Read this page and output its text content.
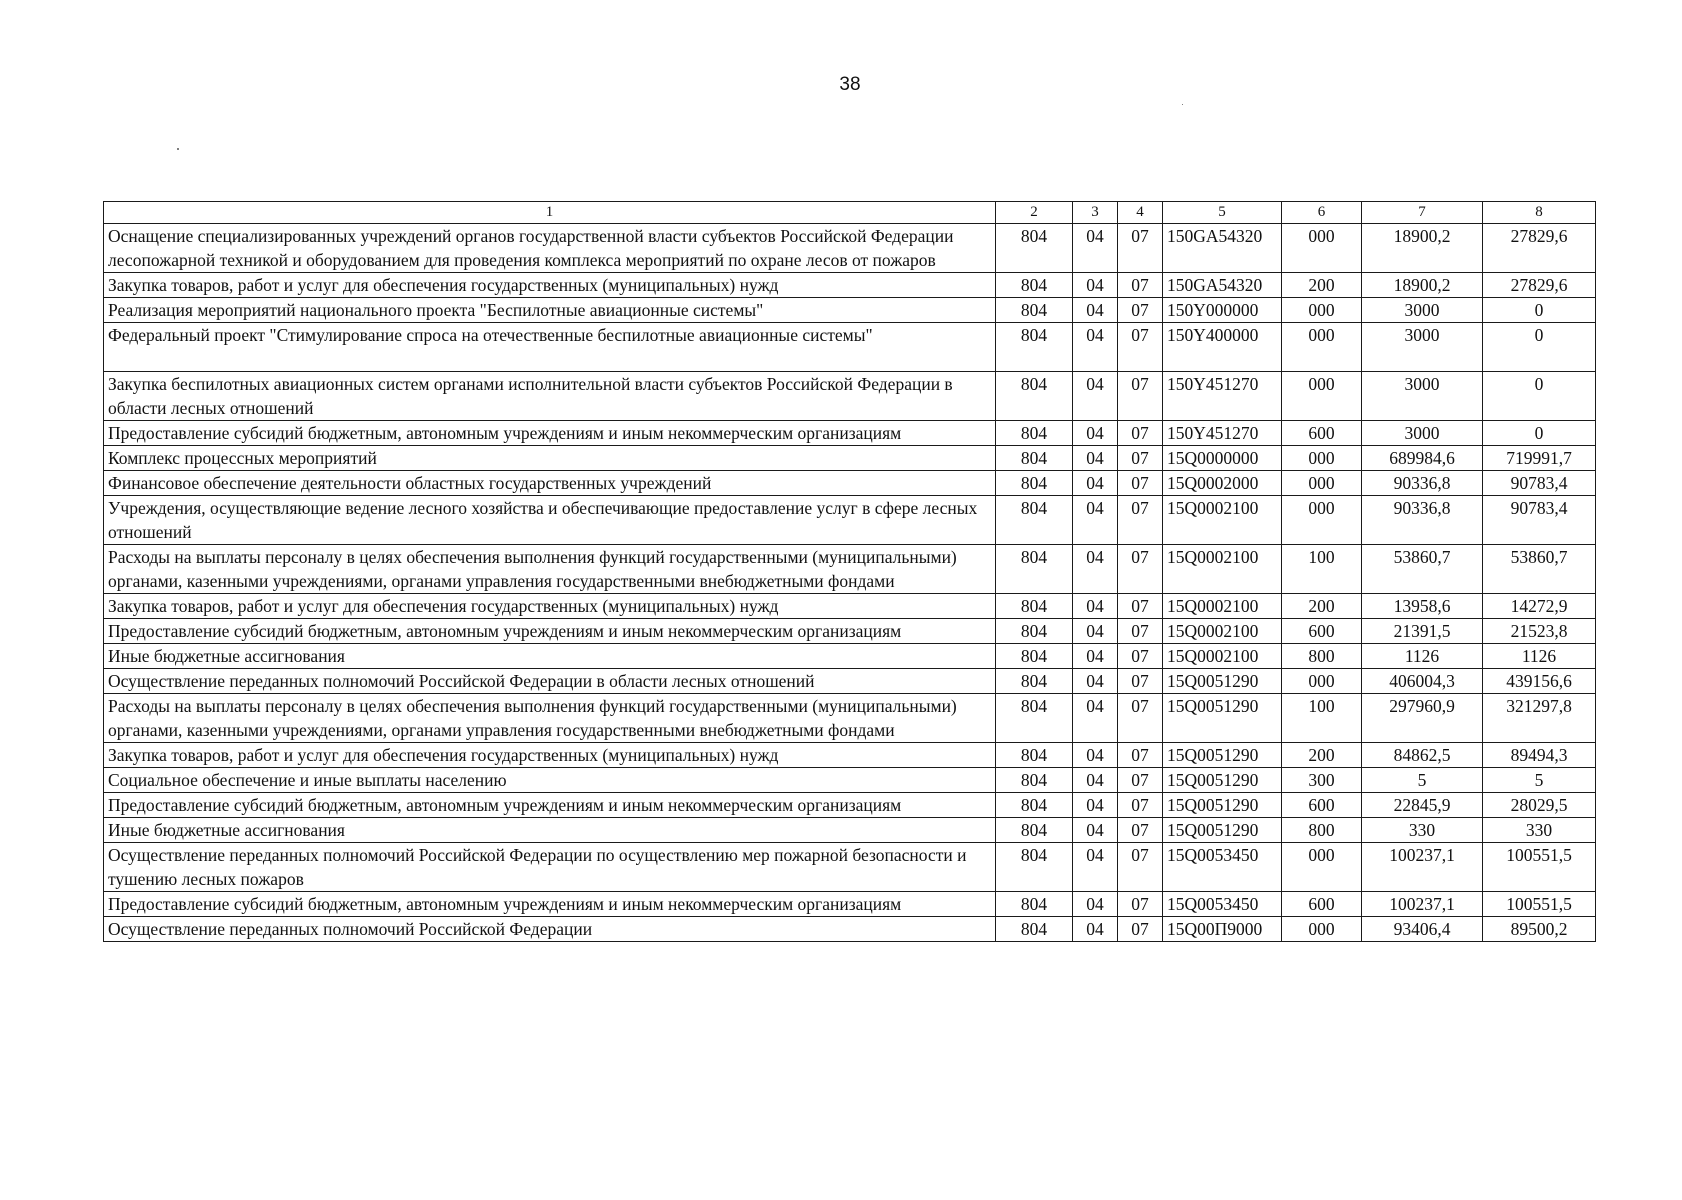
38
1	2	3	4	5	6	7	8
Оснащение специализированных учреждений органов государственной власти субъектов Российской Федерации лесопожарной техникой и оборудованием для проведения комплекса мероприятий по охране лесов от пожаров	804	04	07	150GA54320	000	18900,2	27829,6
Закупка товаров, работ и услуг для обеспечения государственных (муниципальных) нужд	804	04	07	150GA54320	200	18900,2	27829,6
Реализация мероприятий национального проекта "Беспилотные авиационные системы"	804	04	07	150Y000000	000	3000	0
Федеральный проект "Стимулирование спроса на отечественные беспилотные авиационные системы"	804	04	07	150Y400000	000	3000	0
Закупка беспилотных авиационных систем органами исполнительной власти субъектов Российской Федерации в области лесных отношений	804	04	07	150Y451270	000	3000	0
Предоставление субсидий бюджетным, автономным учреждениям и иным некоммерческим организациям	804	04	07	150Y451270	600	3000	0
Комплекс процессных мероприятий	804	04	07	15Q0000000	000	689984,6	719991,7
Финансовое обеспечение деятельности областных государственных учреждений	804	04	07	15Q0002000	000	90336,8	90783,4
Учреждения, осуществляющие ведение лесного хозяйства и обеспечивающие предоставление услуг в сфере лесных отношений	804	04	07	15Q0002100	000	90336,8	90783,4
Расходы на выплаты персоналу в целях обеспечения выполнения функций государственными (муниципальными) органами, казенными учреждениями, органами управления государственными внебюджетными фондами	804	04	07	15Q0002100	100	53860,7	53860,7
Закупка товаров, работ и услуг для обеспечения государственных (муниципальных) нужд	804	04	07	15Q0002100	200	13958,6	14272,9
Предоставление субсидий бюджетным, автономным учреждениям и иным некоммерческим организациям	804	04	07	15Q0002100	600	21391,5	21523,8
Иные бюджетные ассигнования	804	04	07	15Q0002100	800	1126	1126
Осуществление переданных полномочий Российской Федерации в области лесных отношений	804	04	07	15Q0051290	000	406004,3	439156,6
Расходы на выплаты персоналу в целях обеспечения выполнения функций государственными (муниципальными) органами, казенными учреждениями, органами управления государственными внебюджетными фондами	804	04	07	15Q0051290	100	297960,9	321297,8
Закупка товаров, работ и услуг для обеспечения государственных (муниципальных) нужд	804	04	07	15Q0051290	200	84862,5	89494,3
Социальное обеспечение и иные выплаты населению	804	04	07	15Q0051290	300	5	5
Предоставление субсидий бюджетным, автономным учреждениям и иным некоммерческим организациям	804	04	07	15Q0051290	600	22845,9	28029,5
Иные бюджетные ассигнования	804	04	07	15Q0051290	800	330	330
Осуществление переданных полномочий Российской Федерации по осуществлению мер пожарной безопасности и тушению лесных пожаров	804	04	07	15Q0053450	000	100237,1	100551,5
Предоставление субсидий бюджетным, автономным учреждениям и иным некоммерческим организациям	804	04	07	15Q0053450	600	100237,1	100551,5
Осуществление переданных полномочий Российской Федерации	804	04	07	15Q00П9000	000	93406,4	89500,2
